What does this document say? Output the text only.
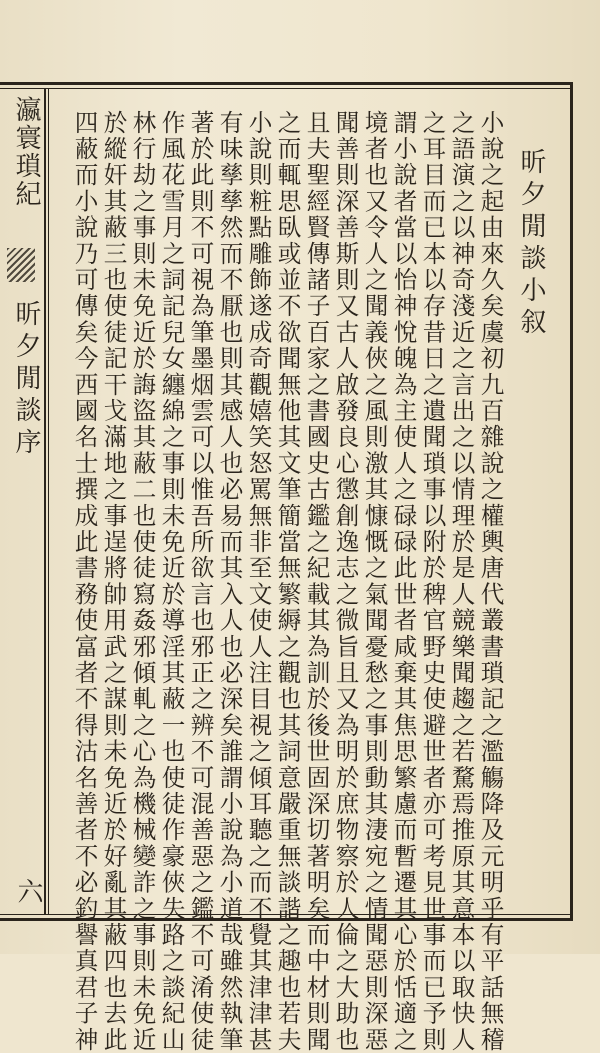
瀛寰瑣紀
昕夕閒談序
六
昕夕閒談小叙
小說之起由來久矣虞初九百雜說之權輿唐代叢書瑣記之濫觴降及元明乎有平話無稽
之語演之以神奇淺近之言出之以情理於是人競樂聞趨之若騖焉推原其意本以取快人
之耳目而已本以存昔日之遺聞瑣事以附於稗官野史使避世者亦可考見世事而已予則
謂小說者當以怡神悅魄為主使人之碌碌此世者咸棄其焦思繁慮而暫遷其心於恬適之
境者也又令人之聞義俠之風則激其慷慨之氣聞憂愁之事則動其淒宛之情聞惡則深惡
聞善則深善斯則又古人啟發良心懲創逸志之微旨且又為明於庶物察於人倫之大助也
且夫聖經賢傳諸子百家之書國史古鑑之紀載其為訓於後世固深切著明矣而中材則聞
之而輒思臥或並不欲聞無他其文筆簡當無繁縟之觀也其詞意嚴重無談諧之趣也若夫
小說則粧點雕飾遂成奇觀嬉笑怒罵無非至文使人注目視之傾耳聽之而不覺其津津甚
有味孳孳然而不厭也則其感人也必易而其入人也必深矣誰謂小說為小道哉雖然執筆
著於此則不可視為筆墨烟雲可以惟吾所欲言也邪正之辨不可混善惡之鑑不可淆使徒
作風花雪月之詞記兒女纏綿之事則未免近於導淫其蔽一也使徒作豪俠失路之談紀山
林行劫之事則未免近於誨盜其蔽二也使徒寫姦邪傾軋之心為機械變詐之事則未免近
於縱奸其蔽三也使徒記干戈滿地之事逞將帥用武之謀則未免近於好亂其蔽四也去此
四蔽而小說乃可傳矣今西國名士撰成此書務使富者不得沽名善者不必釣譽真君子神
